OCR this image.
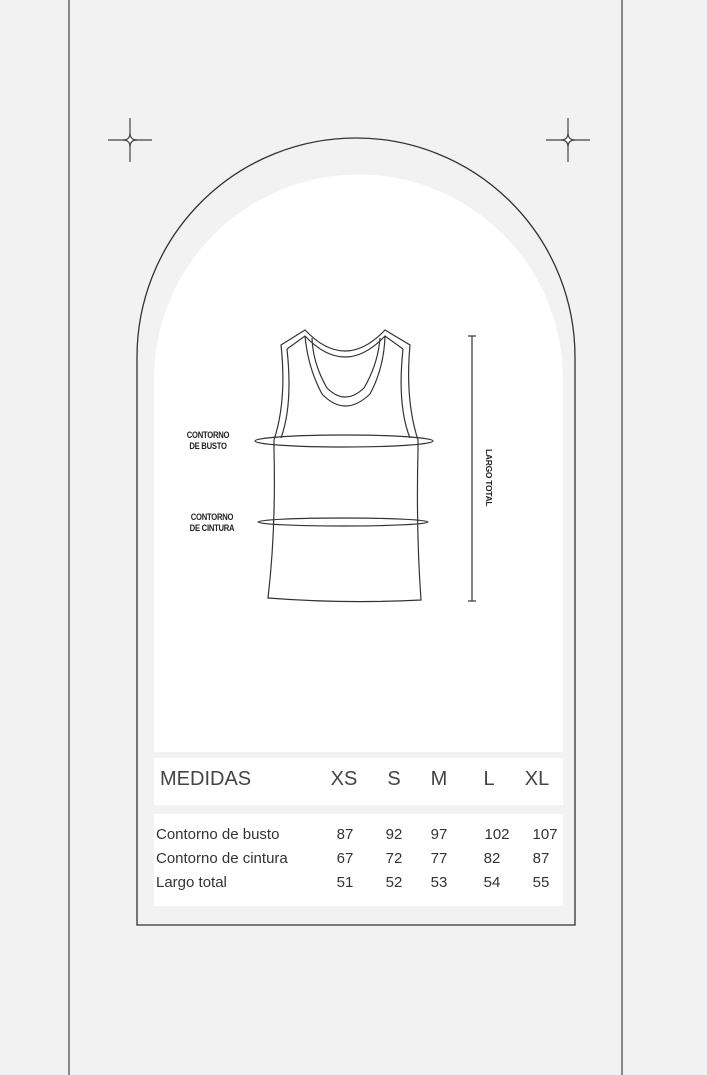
CONTORNO
DE BUSTO
CONTORNO
DE CINTURA
LARGO TOTAL
MEDIDAS	XS	S	M	L	XL
Contorno de busto	87	92	97	102	107
Contorno de cintura	67	72	77	82	87
Largo total	51	52	53	54	55
